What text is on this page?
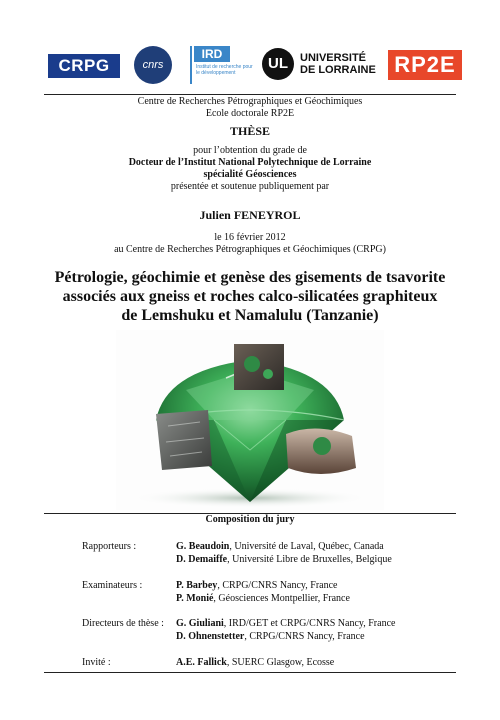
CRPG	cnrs
IRD
Institut de recherche pour le développement
UL	UNIVERSITÉ
DE LORRAINE RP2E
Centre de Recherches Pétrographiques et Géochimiques
Ecole doctorale RP2E
THÈSE
pour l’obtention du grade de
Docteur de l’Institut National Polytechnique de Lorraine
spécialité Géosciences
présentée et soutenue publiquement par
Julien FENEYROL
le 16 février 2012
au Centre de Recherches Pétrographiques et Géochimiques (CRPG)
Pétrologie, géochimie et genèse des gisements de tsavorite
associés aux gneiss et roches calco-silicatées graphiteux
de Lemshuku et Namalulu (Tanzanie)
Composition du jury
Rapporteurs :	G. Beaudoin, Université de Laval, Québec, Canada
D. Demaiffe, Université Libre de Bruxelles, Belgique
Examinateurs :	P. Barbey, CRPG/CNRS Nancy, France
P. Monié, Géosciences Montpellier, France
Directeurs de thèse : G. Giuliani, IRD/GET et CRPG/CNRS Nancy, France
D. Ohnenstetter, CRPG/CNRS Nancy, France
Invité :	A.E. Fallick, SUERC Glasgow, Ecosse
